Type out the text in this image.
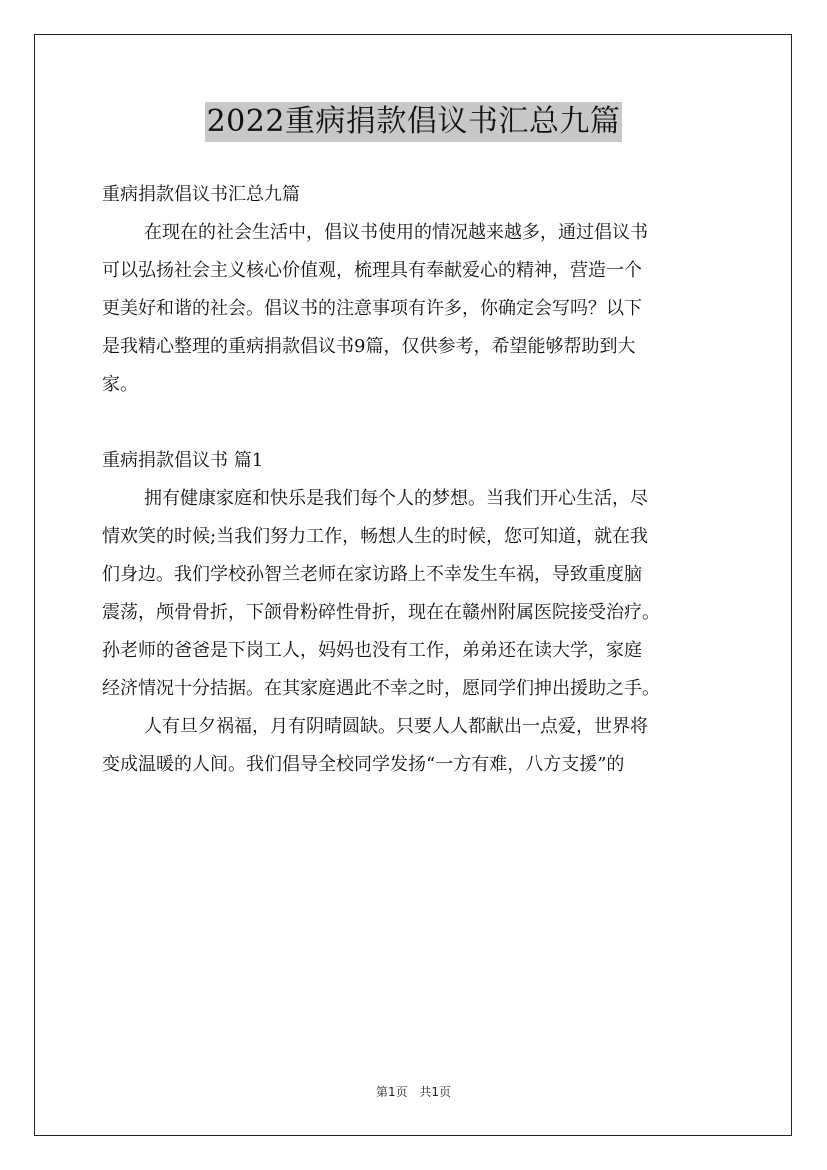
2022重病捐款倡议书汇总九篇
重病捐款倡议书汇总九篇
在现在的社会生活中，倡议书使用的情况越来越多，通过倡议书
可以弘扬社会主义核心价值观，梳理具有奉献爱心的精神，营造一个
更美好和谐的社会。倡议书的注意事项有许多，你确定会写吗？以下
是我精心整理的重病捐款倡议书9篇，仅供参考，希望能够帮助到大
家。
重病捐款倡议书 篇1
拥有健康家庭和快乐是我们每个人的梦想。当我们开心生活，尽
情欢笑的时候;当我们努力工作，畅想人生的时候，您可知道，就在我
们身边。我们学校孙智兰老师在家访路上不幸发生车祸，导致重度脑
震荡，颅骨骨折，下颌骨粉碎性骨折，现在在赣州附属医院接受治疗。
孙老师的爸爸是下岗工人，妈妈也没有工作，弟弟还在读大学，家庭
经济情况十分拮据。在其家庭遇此不幸之时，愿同学们抻出援助之手。
人有旦夕祸福，月有阴晴圆缺。只要人人都献出一点爱，世界将
变成温暖的人间。我们倡导全校同学发扬“一方有难，八方支援”的
第1页 共1页
